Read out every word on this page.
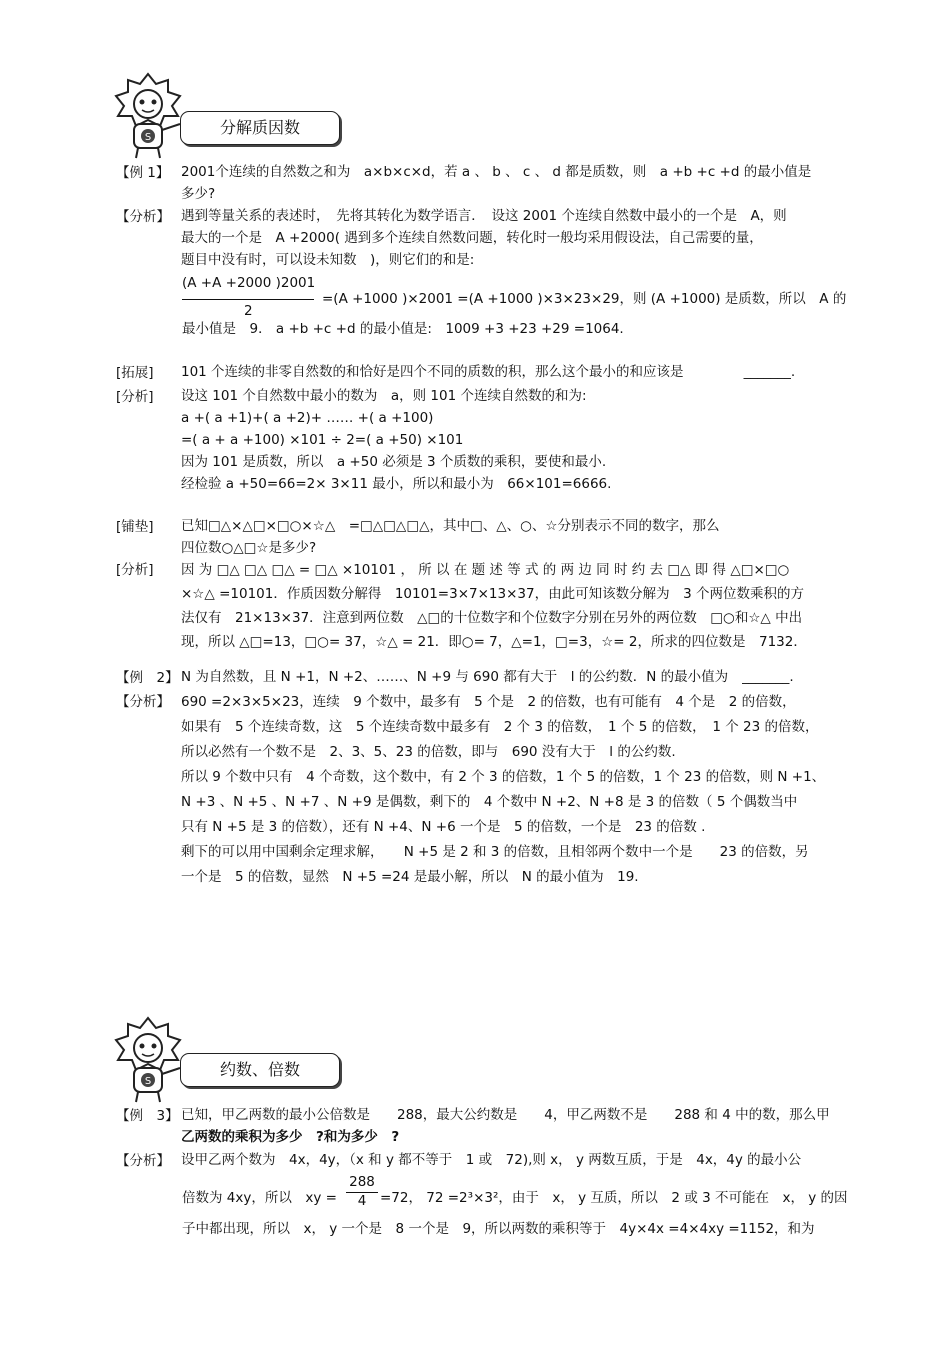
S
分解质因数
【例 1】 2001个连续的自然数之和为　a×b×c×d，若 a 、 b 、 c 、 d 都是质数，则　a +b +c +d 的最小值是

多少?

【分析】 遇到等量关系的表述时，　先将其转化为数学语言．　设这 2001 个连续自然数中最小的一个是　A，则

最大的一个是　A +2000( 遇到多个连续自然数问题，转化时一般均采用假设法，自己需要的量，

题目中没有时，可以设未知数　)，则它们的和是:

(A +A +2000 )2001
2
=(A +1000 )×2001 =(A +1000 )×3×23×29，则 (A +1000) 是质数，所以　A 的

最小值是　9． a +b +c +d 的最小值是:　1009 +3 +23 +29 =1064.

[拓展] 101 个连续的非零自然数的和恰好是四个不同的质数的积，那么这个最小的和应该是	_______.

[分析] 设这 101 个自然数中最小的数为　a，则 101 个连续自然数的和为:

a +( a +1)+( a +2)+ …… +( a +100)

=( a + a +100) ×101 ÷ 2=( a +50) ×101

因为 101 是质数，所以　a +50 必须是 3 个质数的乘积，要使和最小.

经检验 a +50=66=2× 3×11 最小，所以和最小为　66×101=6666.

[铺垫] 已知□△×△□×□○×☆△　=□△□△□△，其中□、△、○、☆分别表示不同的数字，那么

四位数○△□☆是多少?

[分析] 因 为 □△ □△ □△ = □△ ×10101 ， 所 以 在 题 述 等 式 的 两 边 同 时 约 去 □△ 即 得 △□×□○

×☆△ =10101．作质因数分解得　10101=3×7×13×37，由此可知该数分解为　3 个两位数乘积的方

法仅有　21×13×37．注意到两位数　△□的十位数字和个位数字分别在另外的两位数　□○和☆△ 中出

现，所以 △□=13，□○= 37，☆△ = 21．即○= 7，△=1，□=3，☆= 2，所求的四位数是　7132．

【例　2】 N 为自然数，且 N +1，N +2、……、N +9 与 690 都有大于　l 的公约数．N 的最小值为 _______.

【分析】 690 =2×3×5×23，连续　9 个数中，最多有　5 个是　2 的倍数，也有可能有　4 个是　2 的倍数，

如果有　5 个连续奇数，这　5 个连续奇数中最多有　2 个 3 的倍数，　1 个 5 的倍数，　1 个 23 的倍数，

所以必然有一个数不是　2、3、5、23 的倍数，即与　690 没有大于　l 的公约数.

所以 9 个数中只有　4 个奇数，这个数中，有 2 个 3 的倍数，1 个 5 的倍数，1 个 23 的倍数，则 N +1、

N +3 、N +5 、N +7 、N +9 是偶数，剩下的　4 个数中 N +2、N +8 是 3 的倍数（ 5 个偶数当中

只有 N +5 是 3 的倍数），还有 N +4、N +6 一个是　5 的倍数，一个是　23 的倍数 .

剩下的可以用中国剩余定理求解，　　N +5 是 2 和 3 的倍数，且相邻两个数中一个是　　23 的倍数，另

一个是　5 的倍数，显然　N +5 =24 是最小解，所以　N 的最小值为　19.

S
约数、倍数
【例　3】 已知，甲乙两数的最小公倍数是　　288，最大公约数是　　4，甲乙两数不是　　288 和 4 中的数，那么甲

乙两数的乘积为多少　?和为多少　?

【分析】 设甲乙两个数为　4x，4y，（x 和 y 都不等于　1 或　72),则 x， y 两数互质，于是　4x，4y 的最小公

倍数为 4xy，所以　xy =
288
4	=72， 72 =2³×3²，由于　x， y 互质，所以　2 或 3 不可能在　x， y 的因
子中都出现，所以　x， y 一个是　8 一个是　9，所以两数的乘积等于　4y×4x =4×4xy =1152，和为
